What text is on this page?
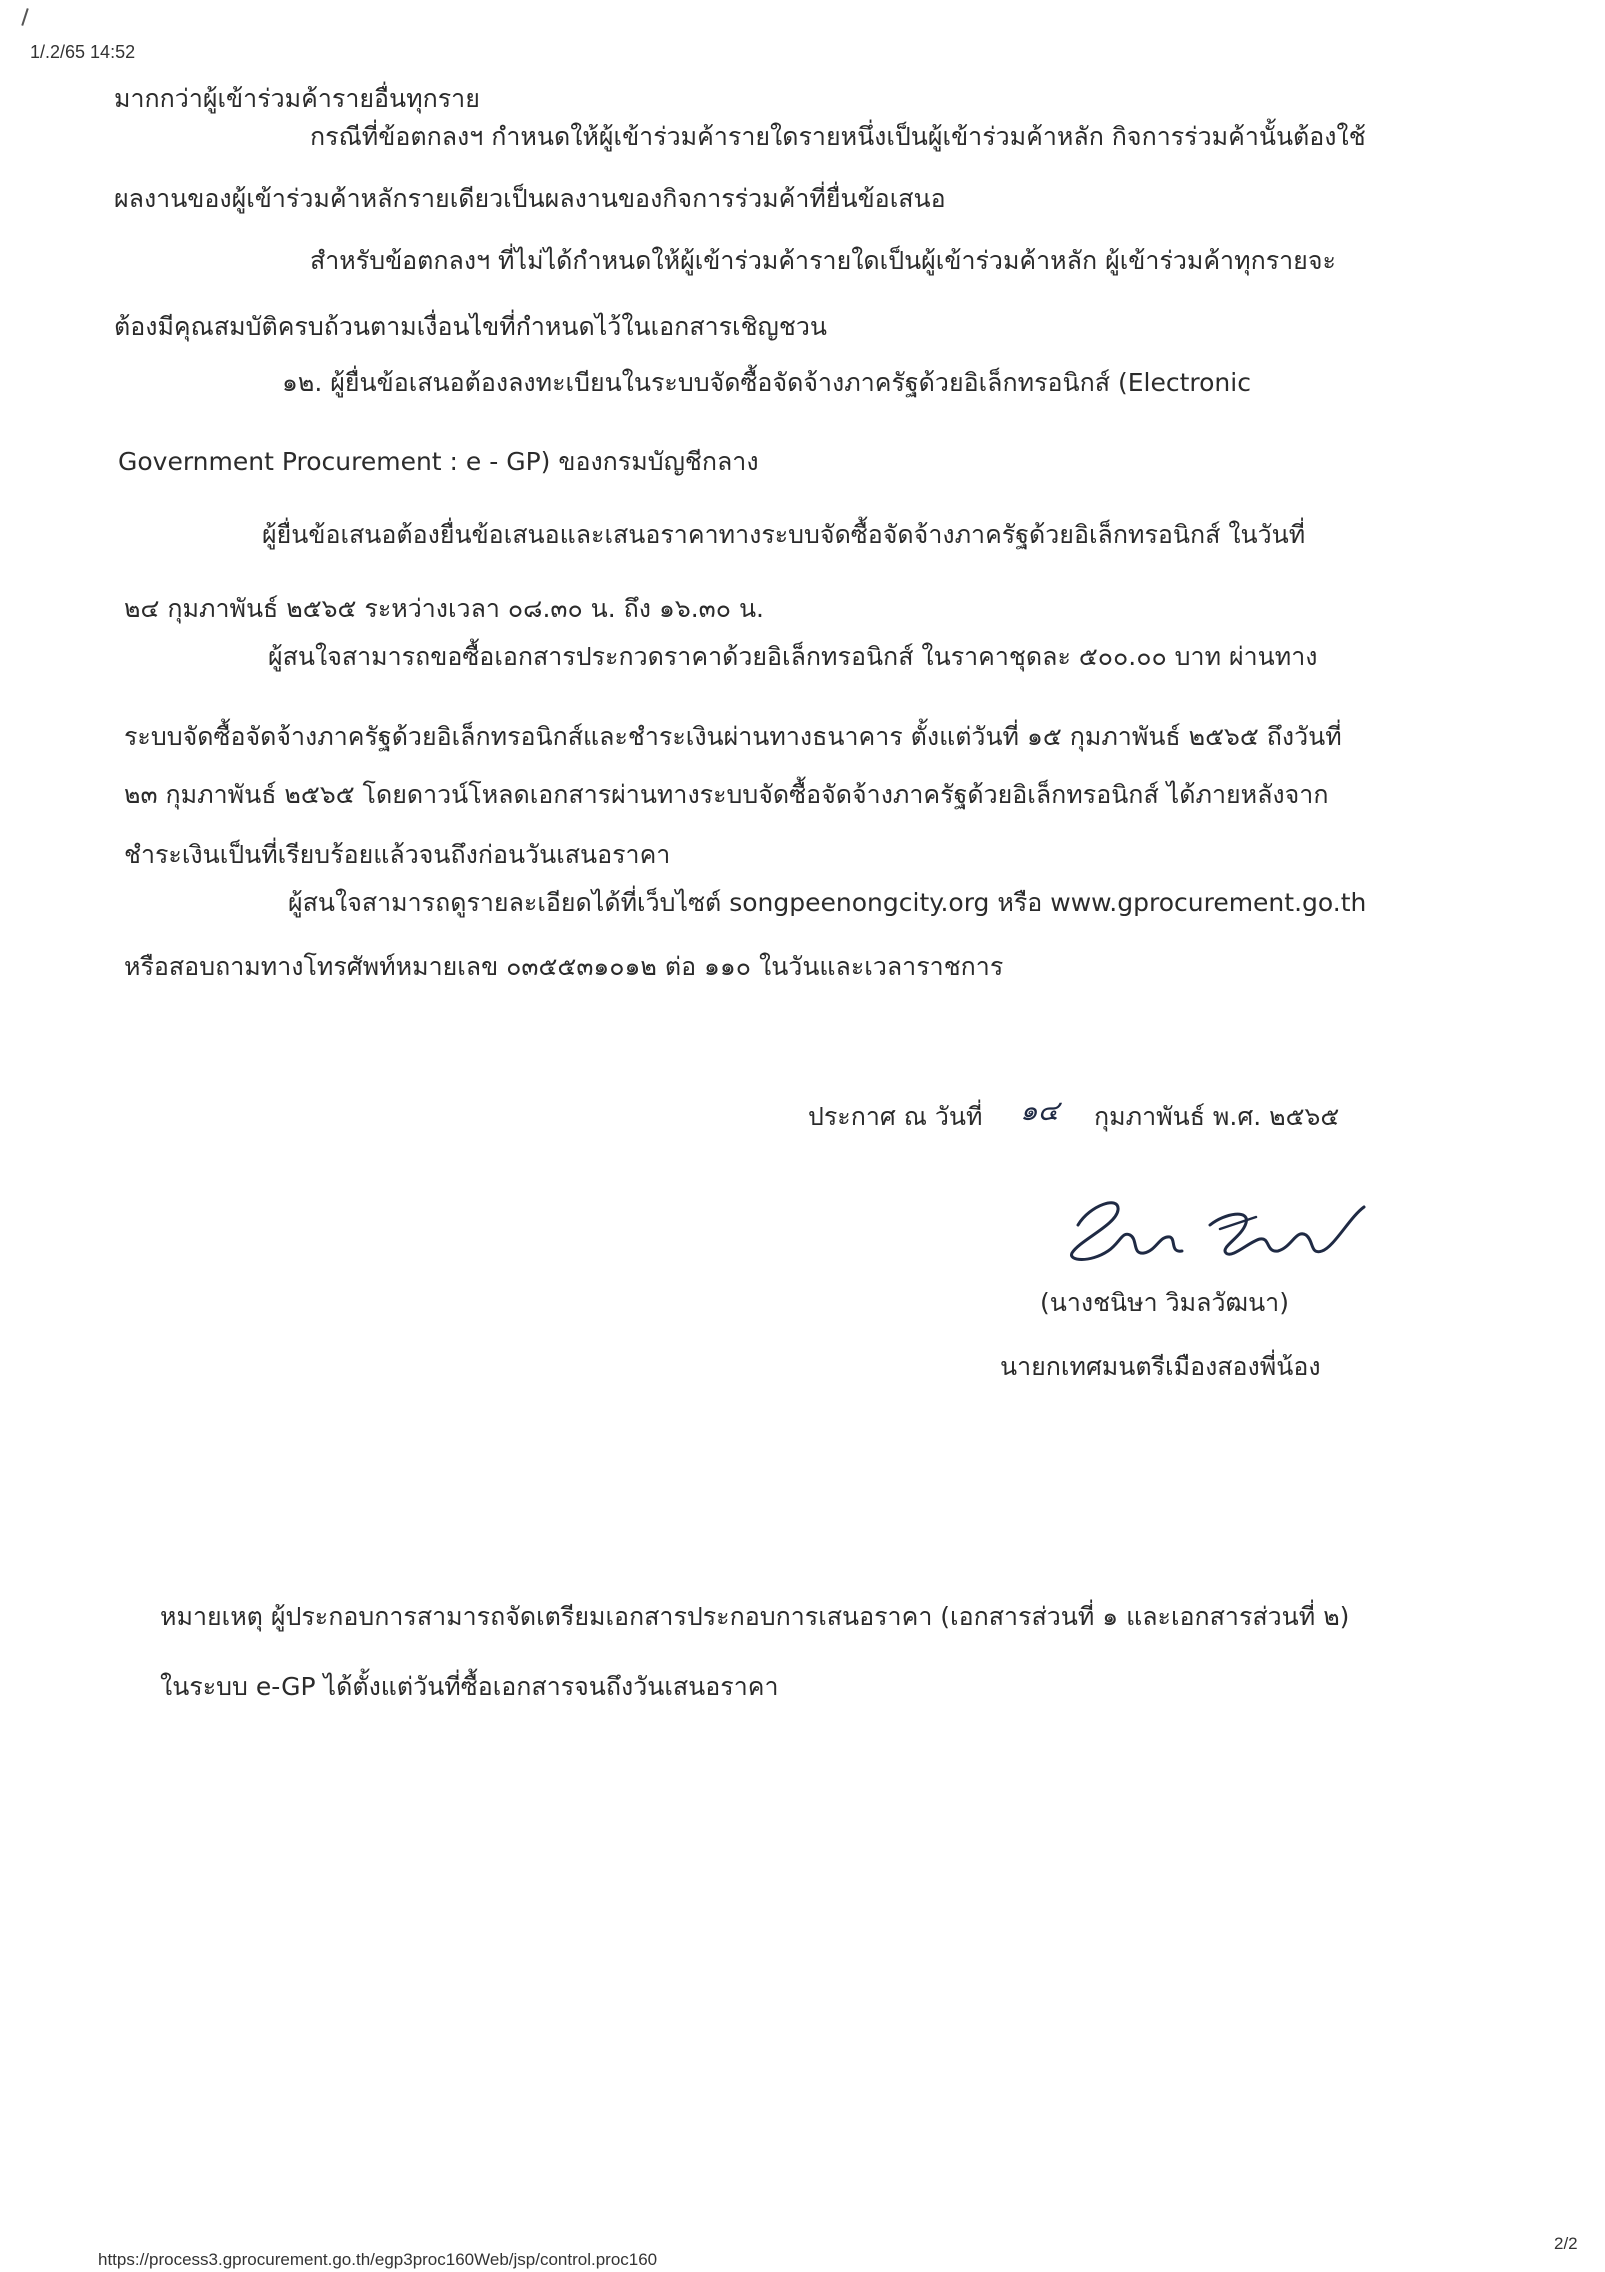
1/.2/65 14:52
มากกว่าผู้เข้าร่วมค้ารายอื่นทุกราย
กรณีที่ข้อตกลงฯ กำหนดให้ผู้เข้าร่วมค้ารายใดรายหนึ่งเป็นผู้เข้าร่วมค้าหลัก กิจการร่วมค้านั้นต้องใช้
ผลงานของผู้เข้าร่วมค้าหลักรายเดียวเป็นผลงานของกิจการร่วมค้าที่ยื่นข้อเสนอ
สำหรับข้อตกลงฯ ที่ไม่ได้กำหนดให้ผู้เข้าร่วมค้ารายใดเป็นผู้เข้าร่วมค้าหลัก ผู้เข้าร่วมค้าทุกรายจะ
ต้องมีคุณสมบัติครบถ้วนตามเงื่อนไขที่กำหนดไว้ในเอกสารเชิญชวน
๑๒. ผู้ยื่นข้อเสนอต้องลงทะเบียนในระบบจัดซื้อจัดจ้างภาครัฐด้วยอิเล็กทรอนิกส์ (Electronic
Government Procurement : e - GP) ของกรมบัญชีกลาง
ผู้ยื่นข้อเสนอต้องยื่นข้อเสนอและเสนอราคาทางระบบจัดซื้อจัดจ้างภาครัฐด้วยอิเล็กทรอนิกส์ ในวันที่
๒๔ กุมภาพันธ์ ๒๕๖๕ ระหว่างเวลา ๐๘.๓๐ น. ถึง ๑๖.๓๐ น.
ผู้สนใจสามารถขอซื้อเอกสารประกวดราคาด้วยอิเล็กทรอนิกส์ ในราคาชุดละ ๕๐๐.๐๐ บาท ผ่านทาง
ระบบจัดซื้อจัดจ้างภาครัฐด้วยอิเล็กทรอนิกส์และชำระเงินผ่านทางธนาคาร ตั้งแต่วันที่ ๑๕ กุมภาพันธ์ ๒๕๖๕ ถึงวันที่
๒๓ กุมภาพันธ์ ๒๕๖๕ โดยดาวน์โหลดเอกสารผ่านทางระบบจัดซื้อจัดจ้างภาครัฐด้วยอิเล็กทรอนิกส์ ได้ภายหลังจาก
ชำระเงินเป็นที่เรียบร้อยแล้วจนถึงก่อนวันเสนอราคา
ผู้สนใจสามารถดูรายละเอียดได้ที่เว็บไซต์ songpeenongcity.org หรือ www.gprocurement.go.th
หรือสอบถามทางโทรศัพท์หมายเลข ๐๓๕๕๓๑๐๑๒ ต่อ ๑๑๐ ในวันและเวลาราชการ
ประกาศ ณ วันที่ ๑๔ กุมภาพันธ์ พ.ศ. ๒๕๖๕
(นางชนิษา วิมลวัฒนา)
นายกเทศมนตรีเมืองสองพี่น้อง
หมายเหตุ ผู้ประกอบการสามารถจัดเตรียมเอกสารประกอบการเสนอราคา (เอกสารส่วนที่ ๑ และเอกสารส่วนที่ ๒)
ในระบบ e-GP ได้ตั้งแต่วันที่ซื้อเอกสารจนถึงวันเสนอราคา
2/2
https://process3.gprocurement.go.th/egp3proc160Web/jsp/control.proc160
